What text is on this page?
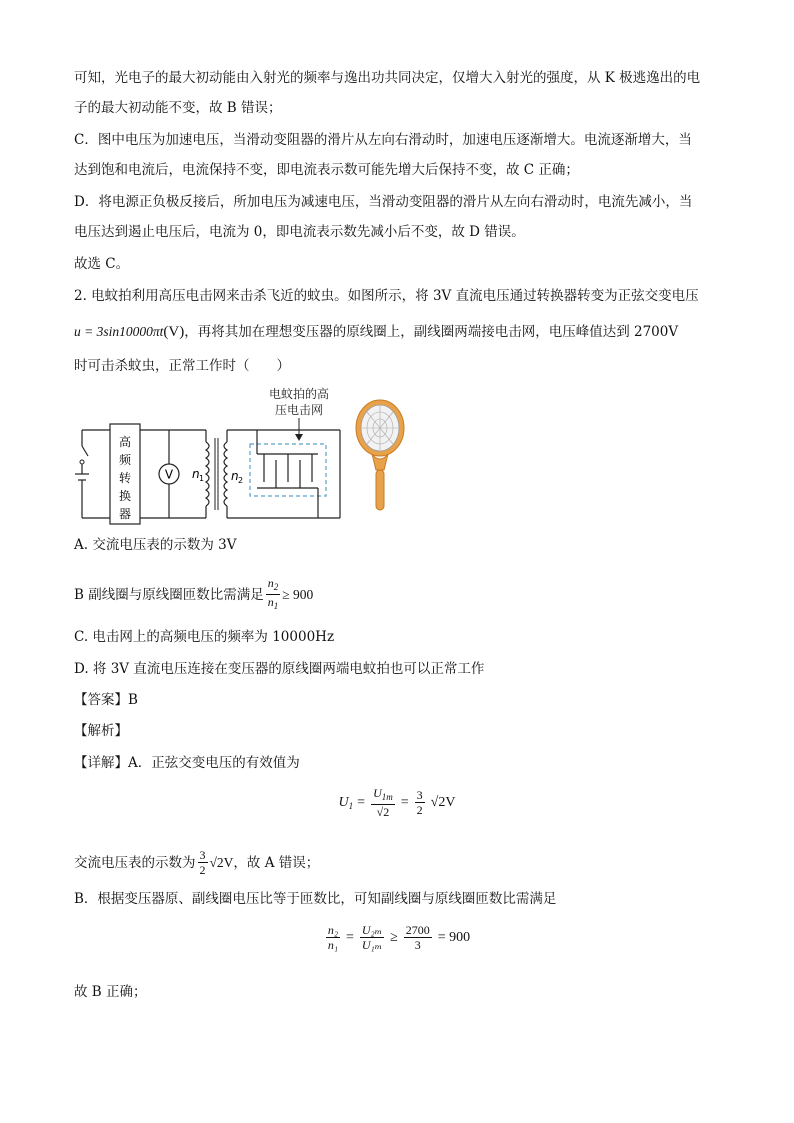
可知，光电子的最大初动能由入射光的频率与逸出功共同决定，仅增大入射光的强度，从 K 极逃逸出的电
子的最大初动能不变，故 B 错误；
C．图中电压为加速电压，当滑动变阻器的滑片从左向右滑动时，加速电压逐渐增大。电流逐渐增大，当
达到饱和电流后，电流保持不变，即电流表示数可能先增大后保持不变，故 C 正确；
D．将电源正负极反接后，所加电压为减速电压，当滑动变阻器的滑片从左向右滑动时，电流先减小，当
电压达到遏止电压后，电流为 0，即电流表示数先减小后不变，故 D 错误。
故选 C。
2. 电蚊拍利用高压电击网来击杀飞近的蚊虫。如图所示，将 3V 直流电压通过转换器转变为正弦交变电压
u = 3sin10000πt(V)，再将其加在理想变压器的原线圈上，副线圈两端接电击网，电压峰值达到 2700V
时可击杀蚊虫，正常工作时（　　）
电蚊拍的高
压电击网
高
频
转
换
器
V n 1 n 2
A. 交流电压表的示数为 3V
B 副线圈与原线圈匝数比需满足 $\frac{n_2}{n_1} \ge 900$
C. 电击网上的高频电压的频率为 10000Hz
D. 将 3V 直流电压连接在变压器的原线圈两端电蚊拍也可以正常工作
【答案】B
【解析】
【详解】A．正弦交变电压的有效值为
$U_1 = \frac{U_{1m}}{√2} = \frac{3}{2} √2V$
交流电压表的示数为 $\frac{3}{2} √2V$ ，故 A 错误；
B．根据变压器原、副线圈电压比等于匝数比，可知副线圈与原线圈匝数比需满足
$\frac{\text{n₂}}{\text{n₁}} = \frac{\text{U₂ₘ}}{\text{U₁ₘ}} \ge \frac{2700}{3} = 900$
故 B 正确；
